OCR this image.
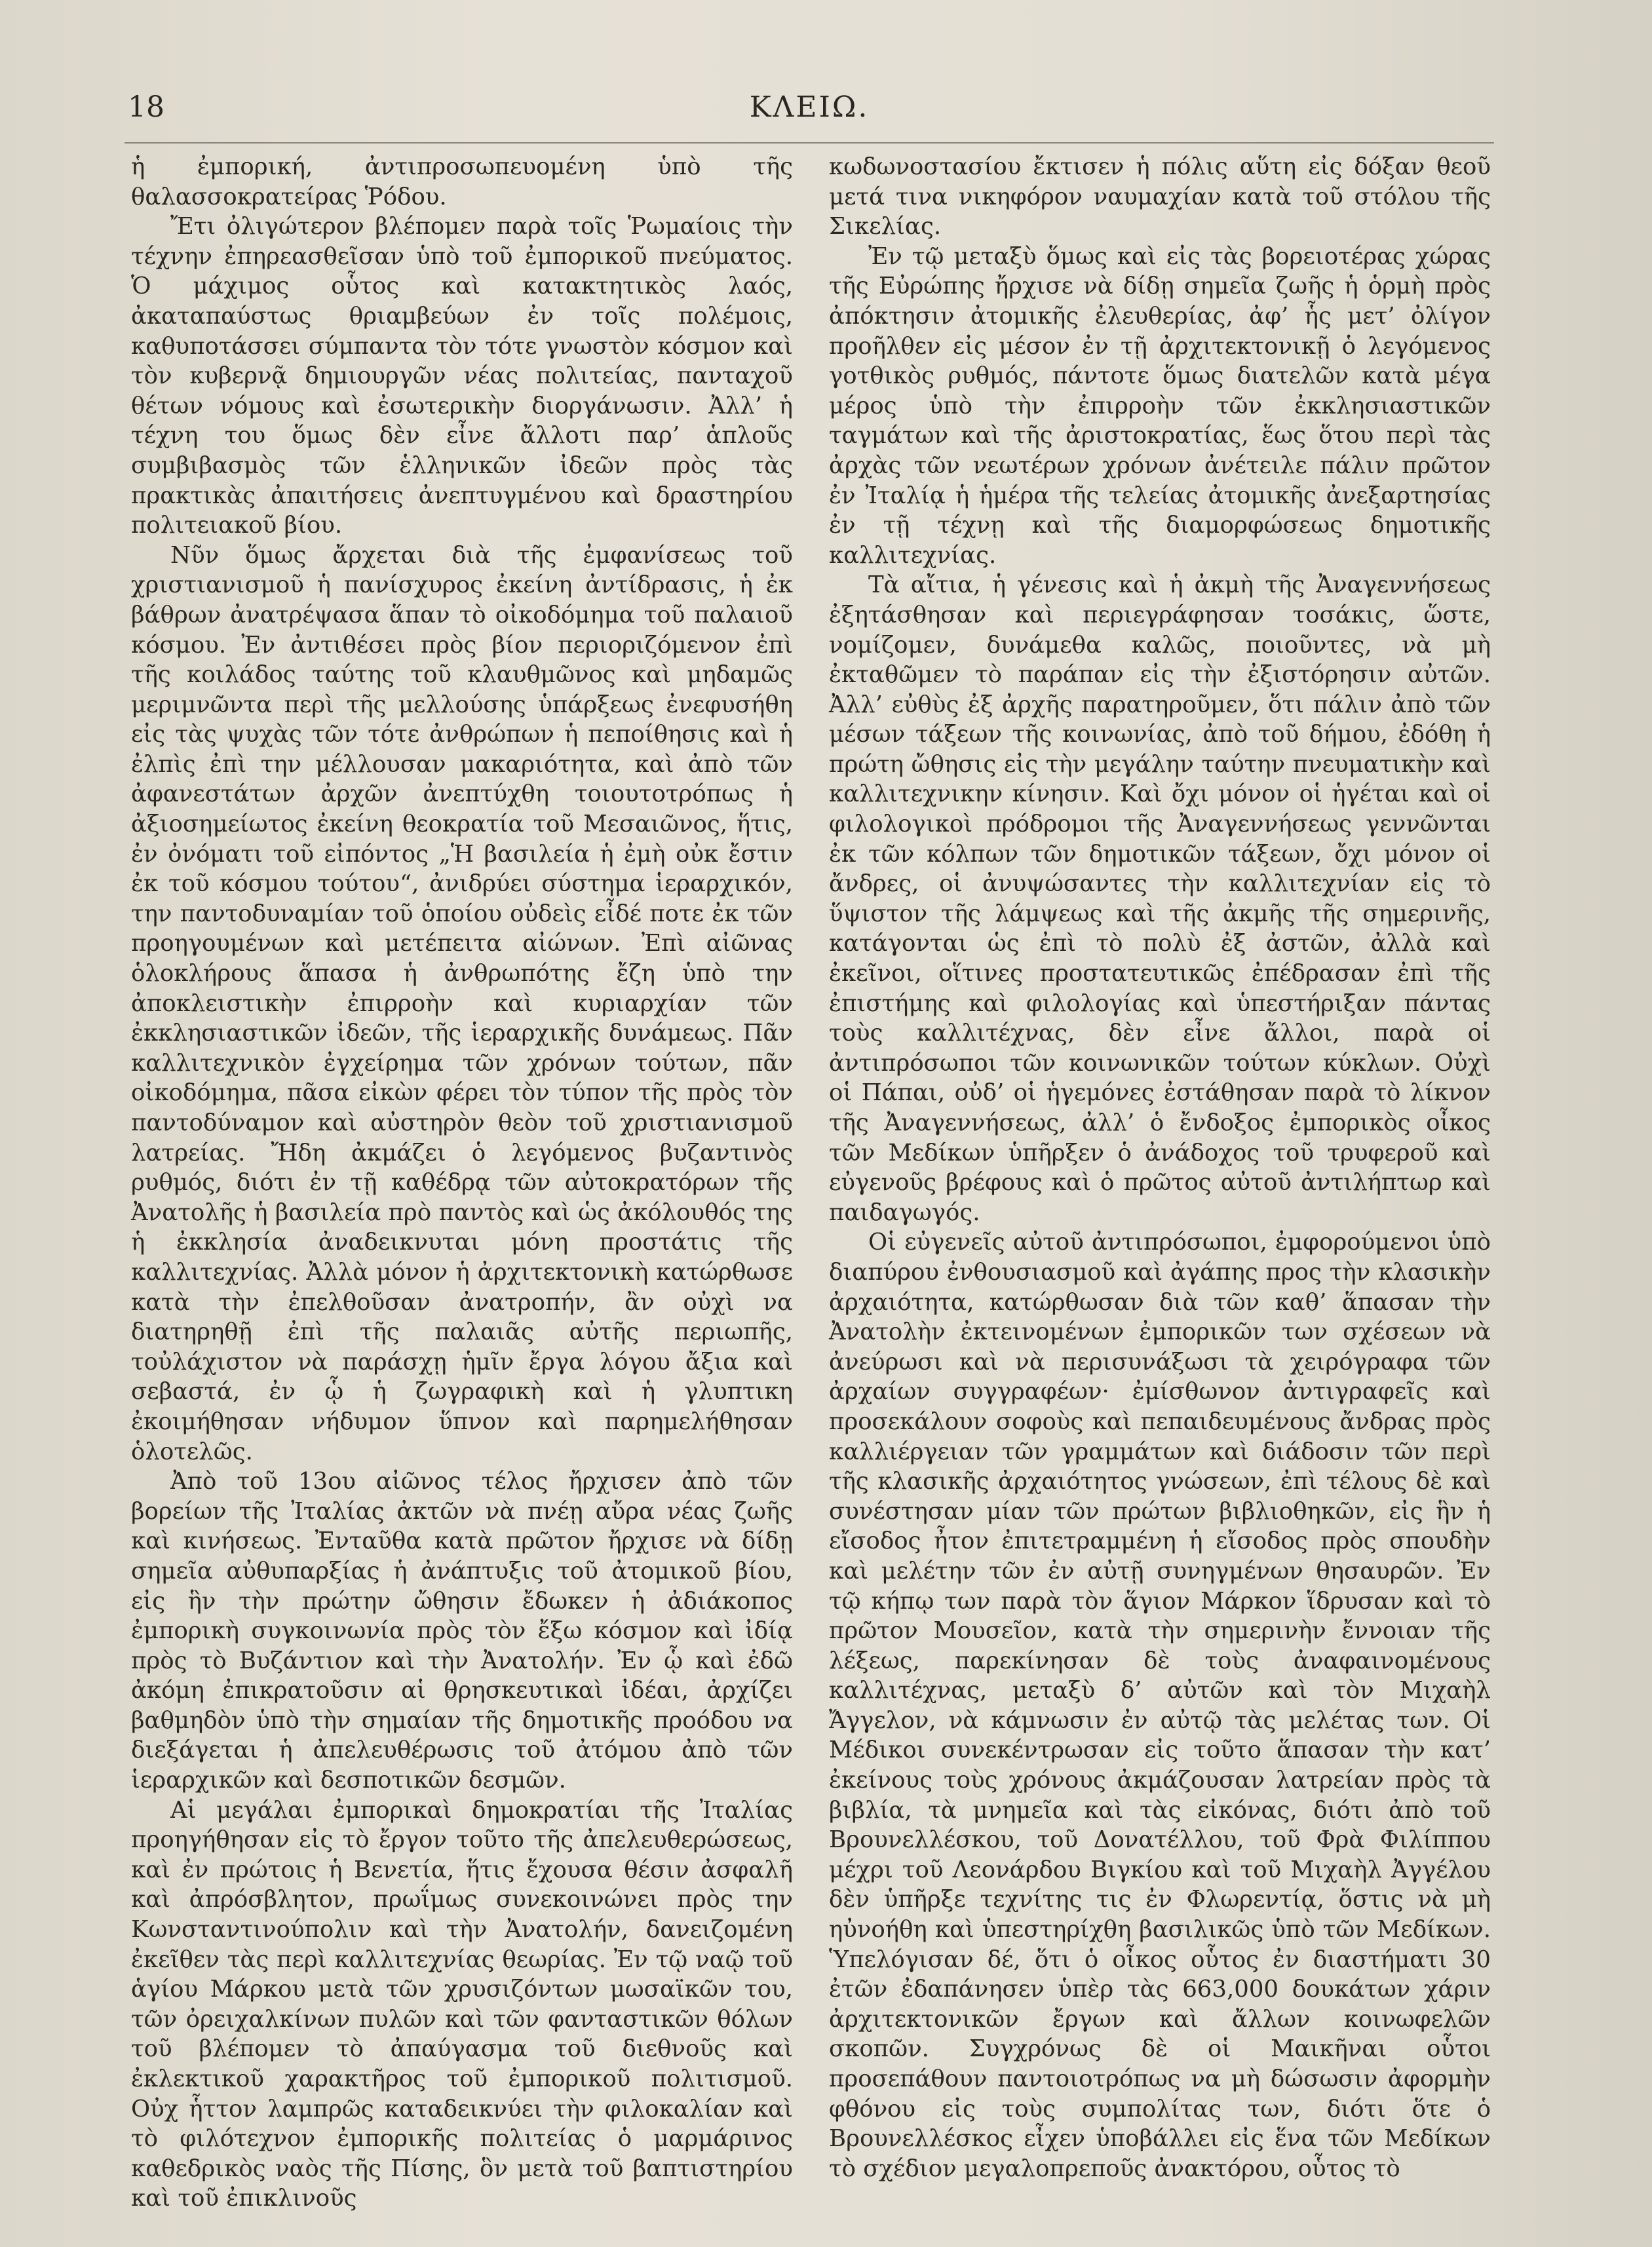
18	ΚΛΕΙΩ.

ἡ ἐμπορική, ἀντιπροσωπευομένη ὑπὸ τῆς θαλασσοκρατείρας Ῥόδου.

Ἔτι ὀλιγώτερον βλέπομεν παρὰ τοῖς Ῥωμαίοις τὴν τέχνην ἐπηρεασθεῖσαν ὑπὸ τοῦ ἐμπορικοῦ πνεύματος. Ὁ μάχιμος οὗτος καὶ κατακτητικὸς λαός, ἀκαταπαύστως θριαμβεύων ἐν τοῖς πολέμοις, καθυποτάσσει σύμπαντα τὸν τότε γνωστὸν κόσμον καὶ τὸν κυβερνᾷ δημιουργῶν νέας πολιτείας, πανταχοῦ θέτων νόμους καὶ ἐσωτερικὴν διοργάνωσιν. Ἀλλ’ ἡ τέχνη του ὅμως δὲν εἶνε ἄλλοτι παρ’ ἁπλοῦς συμβιβασμὸς τῶν ἑλληνικῶν ἰδεῶν πρὸς τὰς πρακτικὰς ἀπαιτήσεις ἀνεπτυγμένου καὶ δραστηρίου πολιτειακοῦ βίου.

Νῦν ὅμως ἄρχεται διὰ τῆς ἐμφανίσεως τοῦ χριστιανισμοῦ ἡ πανίσχυρος ἐκείνη ἀντίδρασις, ἡ ἐκ βάθρων ἀνατρέψασα ἅπαν τὸ οἰκοδόμημα τοῦ παλαιοῦ κόσμου. Ἐν ἀντιθέσει πρὸς βίον περιοριζόμενον ἐπὶ τῆς κοιλάδος ταύτης τοῦ κλαυθμῶνος καὶ μηδαμῶς μεριμνῶντα περὶ τῆς μελλούσης ὑπάρξεως ἐνεφυσήθη εἰς τὰς ψυχὰς τῶν τότε ἀνθρώπων ἡ πεποίθησις καὶ ἡ ἐλπὶς ἐπὶ την μέλλουσαν μακαριότητα, καὶ ἀπὸ τῶν ἀφανεστάτων ἀρχῶν ἀνεπτύχθη τοιουτοτρόπως ἡ ἀξιοσημείωτος ἐκείνη θεοκρατία τοῦ Μεσαιῶνος, ἥτις, ἐν ὀνόματι τοῦ εἰπόντος „Ἡ βασιλεία ἡ ἐμὴ οὐκ ἔστιν ἐκ τοῦ κόσμου τούτου“, ἀνιδρύει σύστημα ἱεραρχικόν, την παντοδυναμίαν τοῦ ὁποίου οὐδεὶς εἶδέ ποτε ἐκ τῶν προηγουμένων καὶ μετέπειτα αἰώνων. Ἐπὶ αἰῶνας ὁλοκλήρους ἅπασα ἡ ἀνθρωπότης ἔζη ὑπὸ την ἀποκλειστικὴν ἐπιρροὴν καὶ κυριαρχίαν τῶν ἐκκλησιαστικῶν ἰδεῶν, τῆς ἱεραρχικῆς δυνάμεως. Πᾶν καλλιτεχνικὸν ἐγχείρημα τῶν χρόνων τούτων, πᾶν οἰκοδόμημα, πᾶσα εἰκὼν φέρει τὸν τύπον τῆς πρὸς τὸν παντοδύναμον καὶ αὐστηρὸν θεὸν τοῦ χριστιανισμοῦ λατρείας. Ἤδη ἀκμάζει ὁ λεγόμενος βυζαντινὸς ρυθμός, διότι ἐν τῇ καθέδρᾳ τῶν αὐτοκρατόρων τῆς Ἀνατολῆς ἡ βασιλεία πρὸ παντὸς καὶ ὡς ἀκόλουθός της ἡ ἐκκλησία ἀναδεικνυται μόνη προστάτις τῆς καλλιτεχνίας. Ἀλλὰ μόνον ἡ ἀρχιτεκτονικὴ κατώρθωσε κατὰ τὴν ἐπελθοῦσαν ἀνατροπήν, ἂν οὐχὶ να διατηρηθῇ ἐπὶ τῆς παλαιᾶς αὐτῆς περιωπῆς, τοὐλάχιστον νὰ παράσχῃ ἡμῖν ἔργα λόγου ἄξια καὶ σεβαστά, ἐν ᾧ ἡ ζωγραφικὴ καὶ ἡ γλυπτικη ἐκοιμήθησαν νήδυμον ὕπνον καὶ παρημελήθησαν ὁλοτελῶς.

Ἀπὸ τοῦ 13ου αἰῶνος τέλος ἤρχισεν ἀπὸ τῶν βορείων τῆς Ἰταλίας ἀκτῶν νὰ πνέῃ αὔρα νέας ζωῆς καὶ κινήσεως. Ἐνταῦθα κατὰ πρῶτον ἤρχισε νὰ δίδῃ σημεῖα αὐθυπαρξίας ἡ ἀνάπτυξις τοῦ ἀτομικοῦ βίου, εἰς ἣν τὴν πρώτην ὤθησιν ἔδωκεν ἡ ἀδιάκοπος ἐμπορικὴ συγκοινωνία πρὸς τὸν ἔξω κόσμον καὶ ἰδίᾳ πρὸς τὸ Βυζάντιον καὶ τὴν Ἀνατολήν. Ἐν ᾧ καὶ ἐδῶ ἀκόμη ἐπικρατοῦσιν αἱ θρησκευτικαὶ ἰδέαι, ἀρχίζει βαθμηδὸν ὑπὸ τὴν σημαίαν τῆς δημοτικῆς προόδου να διεξάγεται ἡ ἀπελευθέρωσις τοῦ ἀτόμου ἀπὸ τῶν ἱεραρχικῶν καὶ δεσποτικῶν δεσμῶν.

Αἱ μεγάλαι ἐμπορικαὶ δημοκρατίαι τῆς Ἰταλίας προηγήθησαν εἰς τὸ ἔργον τοῦτο τῆς ἀπελευθερώσεως, καὶ ἐν πρώτοις ἡ Βενετία, ἥτις ἔχουσα θέσιν ἀσφαλῆ καὶ ἀπρόσβλητον, πρωΐμως συνεκοινώνει πρὸς την Κωνσταντινούπολιν καὶ τὴν Ἀνατολήν, δανειζομένη ἐκεῖθεν τὰς περὶ καλλιτεχνίας θεωρίας. Ἐν τῷ ναῷ τοῦ ἁγίου Μάρκου μετὰ τῶν χρυσιζόντων μωσαϊκῶν του, τῶν ὀρειχαλκίνων πυλῶν καὶ τῶν φανταστικῶν θόλων τοῦ βλέπομεν τὸ ἀπαύγασμα τοῦ διεθνοῦς καὶ ἐκλεκτικοῦ χαρακτῆρος τοῦ ἐμπορικοῦ πολιτισμοῦ. Οὐχ ἧττον λαμπρῶς καταδεικνύει τὴν φιλοκαλίαν καὶ τὸ φιλότεχνον ἐμπορικῆς πολιτείας ὁ μαρμάρινος καθεδρικὸς ναὸς τῆς Πίσης, ὃν μετὰ τοῦ βαπτιστηρίου καὶ τοῦ ἐπικλινοῦς

κωδωνοστασίου ἔκτισεν ἡ πόλις αὕτη εἰς δόξαν θεοῦ μετά τινα νικηφόρον ναυμαχίαν κατὰ τοῦ στόλου τῆς Σικελίας.

Ἐν τῷ μεταξὺ ὅμως καὶ εἰς τὰς βορειοτέρας χώρας τῆς Εὐρώπης ἤρχισε νὰ δίδῃ σημεῖα ζωῆς ἡ ὁρμὴ πρὸς ἀπόκτησιν ἀτομικῆς ἐλευθερίας, ἀφ’ ἧς μετ’ ὀλίγον προῆλθεν εἰς μέσον ἐν τῇ ἀρχιτεκτονικῇ ὁ λεγόμενος γοτθικὸς ρυθμός, πάντοτε ὅμως διατελῶν κατὰ μέγα μέρος ὑπὸ τὴν ἐπιρροὴν τῶν ἐκκλησιαστικῶν ταγμάτων καὶ τῆς ἀριστοκρατίας, ἕως ὅτου περὶ τὰς ἀρχὰς τῶν νεωτέρων χρόνων ἀνέτειλε πάλιν πρῶτον ἐν Ἰταλίᾳ ἡ ἡμέρα τῆς τελείας ἀτομικῆς ἀνεξαρτησίας ἐν τῇ τέχνῃ καὶ τῆς διαμορφώσεως δημοτικῆς καλλιτεχνίας.

Τὰ αἴτια, ἡ γένεσις καὶ ἡ ἀκμὴ τῆς Ἀναγεννήσεως ἐξητάσθησαν καὶ περιεγράφησαν τοσάκις, ὥστε, νομίζομεν, δυνάμεθα καλῶς, ποιοῦντες, νὰ μὴ ἐκταθῶμεν τὸ παράπαν εἰς τὴν ἐξιστόρησιν αὐτῶν. Ἀλλ’ εὐθὺς ἐξ ἀρχῆς παρατηροῦμεν, ὅτι πάλιν ἀπὸ τῶν μέσων τάξεων τῆς κοινωνίας, ἀπὸ τοῦ δήμου, ἐδόθη ἡ πρώτη ὤθησις εἰς τὴν μεγάλην ταύτην πνευματικὴν καὶ καλλιτεχνικην κίνησιν. Καὶ ὄχι μόνον οἱ ἡγέται καὶ οἱ φιλολογικοὶ πρόδρομοι τῆς Ἀναγεννήσεως γεννῶνται ἐκ τῶν κόλπων τῶν δημοτικῶν τάξεων, ὄχι μόνον οἱ ἄνδρες, οἱ ἀνυψώσαντες τὴν καλλιτεχνίαν εἰς τὸ ὕψιστον τῆς λάμψεως καὶ τῆς ἀκμῆς τῆς σημερινῆς, κατάγονται ὡς ἐπὶ τὸ πολὺ ἐξ ἀστῶν, ἀλλὰ καὶ ἐκεῖνοι, οἵτινες προστατευτικῶς ἐπέδρασαν ἐπὶ τῆς ἐπιστήμης καὶ φιλολογίας καὶ ὑπεστήριξαν πάντας τοὺς καλλιτέχνας, δὲν εἶνε ἄλλοι, παρὰ οἱ ἀντιπρόσωποι τῶν κοινωνικῶν τούτων κύκλων. Οὐχὶ οἱ Πάπαι, οὐδ’ οἱ ἡγεμόνες ἐστάθησαν παρὰ τὸ λίκνον τῆς Ἀναγεννήσεως, ἀλλ’ ὁ ἔνδοξος ἐμπορικὸς οἶκος τῶν Μεδίκων ὑπῆρξεν ὁ ἀνάδοχος τοῦ τρυφεροῦ καὶ εὐγενοῦς βρέφους καὶ ὁ πρῶτος αὐτοῦ ἀντιλήπτωρ καὶ παιδαγωγός.

Οἱ εὐγενεῖς αὐτοῦ ἀντιπρόσωποι, ἐμφορούμενοι ὑπὸ διαπύρου ἐνθουσιασμοῦ καὶ ἀγάπης προς τὴν κλασικὴν ἀρχαιότητα, κατώρθωσαν διὰ τῶν καθ’ ἅπασαν τὴν Ἀνατολὴν ἐκτεινομένων ἐμπορικῶν των σχέσεων νὰ ἀνεύρωσι καὶ νὰ περισυνάξωσι τὰ χειρόγραφα τῶν ἀρχαίων συγγραφέων· ἐμίσθωνον ἀντιγραφεῖς καὶ προσεκάλουν σοφοὺς καὶ πεπαιδευμένους ἄνδρας πρὸς καλλιέργειαν τῶν γραμμάτων καὶ διάδοσιν τῶν περὶ τῆς κλασικῆς ἀρχαιότητος γνώσεων, ἐπὶ τέλους δὲ καὶ συνέστησαν μίαν τῶν πρώτων βιβλιοθηκῶν, εἰς ἣν ἡ εἴσοδος ἦτον ἐπιτετραμμένη ἡ εἴσοδος πρὸς σπουδὴν καὶ μελέτην τῶν ἐν αὐτῇ συνηγμένων θησαυρῶν. Ἐν τῷ κήπῳ των παρὰ τὸν ἅγιον Μάρκον ἵδρυσαν καὶ τὸ πρῶτον Μουσεῖον, κατὰ τὴν σημερινὴν ἔννοιαν τῆς λέξεως, παρεκίνησαν δὲ τοὺς ἀναφαινομένους καλλιτέχνας, μεταξὺ δ’ αὐτῶν καὶ τὸν Μιχαὴλ Ἄγγελον, νὰ κάμνωσιν ἐν αὐτῷ τὰς μελέτας των. Οἱ Μέδικοι συνεκέντρωσαν εἰς τοῦτο ἅπασαν τὴν κατ’ ἐκείνους τοὺς χρόνους ἀκμάζουσαν λατρείαν πρὸς τὰ βιβλία, τὰ μνημεῖα καὶ τὰς εἰκόνας, διότι ἀπὸ τοῦ Βρουνελλέσκου, τοῦ Δονατέλλου, τοῦ Φρὰ Φιλίππου μέχρι τοῦ Λεονάρδου Βιγκίου καὶ τοῦ Μιχαὴλ Ἀγγέλου δὲν ὑπῆρξε τεχνίτης τις ἐν Φλωρεντίᾳ, ὅστις νὰ μὴ ηὐνοήθη καὶ ὑπεστηρίχθη βασιλικῶς ὑπὸ τῶν Μεδίκων. Ὑπελόγισαν δέ, ὅτι ὁ οἶκος οὗτος ἐν διαστήματι 30 ἐτῶν ἐδαπάνησεν ὑπὲρ τὰς 663,000 δουκάτων χάριν ἀρχιτεκτονικῶν ἔργων καὶ ἄλλων κοινωφελῶν σκοπῶν. Συγχρόνως δὲ οἱ Μαικῆναι οὗτοι προσεπάθουν παντοιοτρόπως να μὴ δώσωσιν ἀφορμὴν φθόνου εἰς τοὺς συμπολίτας των, διότι ὅτε ὁ Βρουνελλέσκος εἶχεν ὑποβάλλει εἰς ἕνα τῶν Μεδίκων τὸ σχέδιον μεγαλοπρεποῦς ἀνακτόρου, οὗτος τὸ
